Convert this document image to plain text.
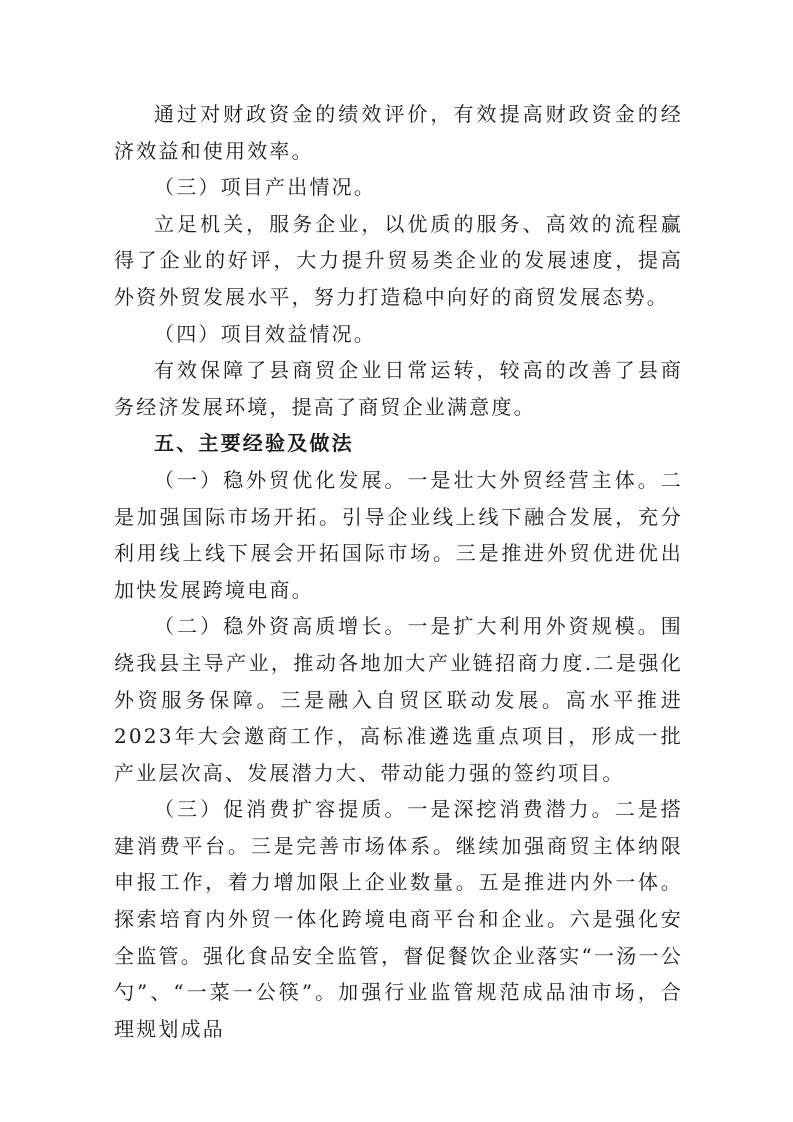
通过对财政资金的绩效评价，有效提高财政资金的经济效益和使用效率。

（三）项目产出情况。

立足机关，服务企业，以优质的服务、高效的流程赢得了企业的好评，大力提升贸易类企业的发展速度，提高外资外贸发展水平，努力打造稳中向好的商贸发展态势。

（四）项目效益情况。

有效保障了县商贸企业日常运转，较高的改善了县商务经济发展环境，提高了商贸企业满意度。

五、主要经验及做法

（一）稳外贸优化发展。一是壮大外贸经营主体。二是加强国际市场开拓。引导企业线上线下融合发展，充分利用线上线下展会开拓国际市场。三是推进外贸优进优出加快发展跨境电商。

（二）稳外资高质增长。一是扩大利用外资规模。围绕我县主导产业，推动各地加大产业链招商力度.二是强化外资服务保障。三是融入自贸区联动发展。高水平推进2023年大会邀商工作，高标准遴选重点项目，形成一批产业层次高、发展潜力大、带动能力强的签约项目。

（三）促消费扩容提质。一是深挖消费潜力。二是搭建消费平台。三是完善市场体系。继续加强商贸主体纳限申报工作，着力增加限上企业数量。五是推进内外一体。探索培育内外贸一体化跨境电商平台和企业。六是强化安全监管。强化食品安全监管，督促餐饮企业落实“一汤一公勺”、“一菜一公筷”。加强行业监管规范成品油市场，合理规划成品
